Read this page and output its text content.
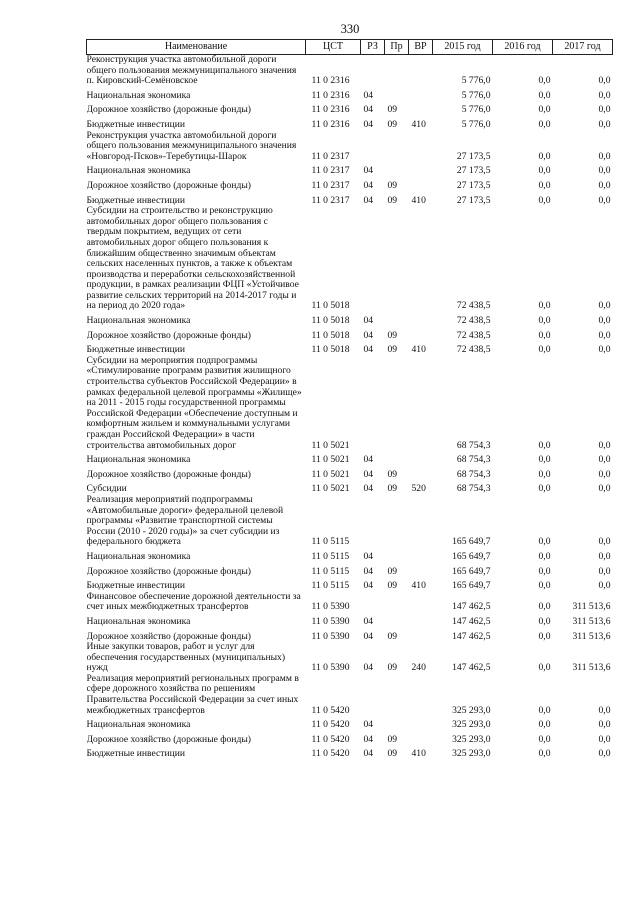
330
Наименование	ЦСТ	РЗ	Пр	ВР	2015 год	2016 год	2017 год
Реконструкция участка автомобильной дороги общего пользования межмуниципального значения п. Кировский-Семёновское	11 0 2316				5 776,0	0,0	0,0
Национальная экономика	11 0 2316	04			5 776,0	0,0	0,0
Дорожное хозяйство (дорожные фонды)	11 0 2316	04	09		5 776,0	0,0	0,0
Бюджетные инвестиции	11 0 2316	04	09	410	5 776,0	0,0	0,0
Реконструкция участка автомобильной дороги общего пользования межмуниципального значения «Новгород-Псков»-Теребутицы-Шарок	11 0 2317				27 173,5	0,0	0,0
Национальная экономика	11 0 2317	04			27 173,5	0,0	0,0
Дорожное хозяйство (дорожные фонды)	11 0 2317	04	09		27 173,5	0,0	0,0
Бюджетные инвестиции	11 0 2317	04	09	410	27 173,5	0,0	0,0
Субсидии на строительство и реконструкцию автомобильных дорог общего пользования с твердым покрытием, ведущих от сети автомобильных дорог общего пользования к ближайшим общественно значимым объектам сельских населенных пунктов, а также к объектам производства и переработки сельскохозяйственной продукции, в рамках реализации ФЦП «Устойчивое развитие сельских территорий на 2014-2017 годы и на период до 2020 года»	11 0 5018				72 438,5	0,0	0,0
Национальная экономика	11 0 5018	04			72 438,5	0,0	0,0
Дорожное хозяйство (дорожные фонды)	11 0 5018	04	09		72 438,5	0,0	0,0
Бюджетные инвестиции	11 0 5018	04	09	410	72 438,5	0,0	0,0
Субсидии на мероприятия подпрограммы «Стимулирование программ развития жилищного строительства субъектов Российской Федерации» в рамках федеральной целевой программы «Жилище» на 2011 - 2015 годы государственной программы Российской Федерации «Обеспечение доступным и комфортным жильем и коммунальными услугами граждан Российской Федерации» в части строительства автомобильных дорог	11 0 5021				68 754,3	0,0	0,0
Национальная экономика	11 0 5021	04			68 754,3	0,0	0,0
Дорожное хозяйство (дорожные фонды)	11 0 5021	04	09		68 754,3	0,0	0,0
Субсидии	11 0 5021	04	09	520	68 754,3	0,0	0,0
Реализация мероприятий подпрограммы «Автомобильные дороги» федеральной целевой программы «Развитие транспортной системы России (2010 - 2020 годы)» за счет субсидии из федерального бюджета	11 0 5115				165 649,7	0,0	0,0
Национальная экономика	11 0 5115	04			165 649,7	0,0	0,0
Дорожное хозяйство (дорожные фонды)	11 0 5115	04	09		165 649,7	0,0	0,0
Бюджетные инвестиции	11 0 5115	04	09	410	165 649,7	0,0	0,0
Финансовое обеспечение дорожной деятельности за счет иных межбюджетных трансфертов	11 0 5390				147 462,5	0,0	311 513,6
Национальная экономика	11 0 5390	04			147 462,5	0,0	311 513,6
Дорожное хозяйство (дорожные фонды)	11 0 5390	04	09		147 462,5	0,0	311 513,6
Иные закупки товаров, работ и услуг для обеспечения государственных (муниципальных) нужд	11 0 5390	04	09	240	147 462,5	0,0	311 513,6
Реализация мероприятий региональных программ в сфере дорожного хозяйства по решениям Правительства Российской Федерации за счет иных межбюджетных трансфертов	11 0 5420				325 293,0	0,0	0,0
Национальная экономика	11 0 5420	04			325 293,0	0,0	0,0
Дорожное хозяйство (дорожные фонды)	11 0 5420	04	09		325 293,0	0,0	0,0
Бюджетные инвестиции	11 0 5420	04	09	410	325 293,0	0,0	0,0
